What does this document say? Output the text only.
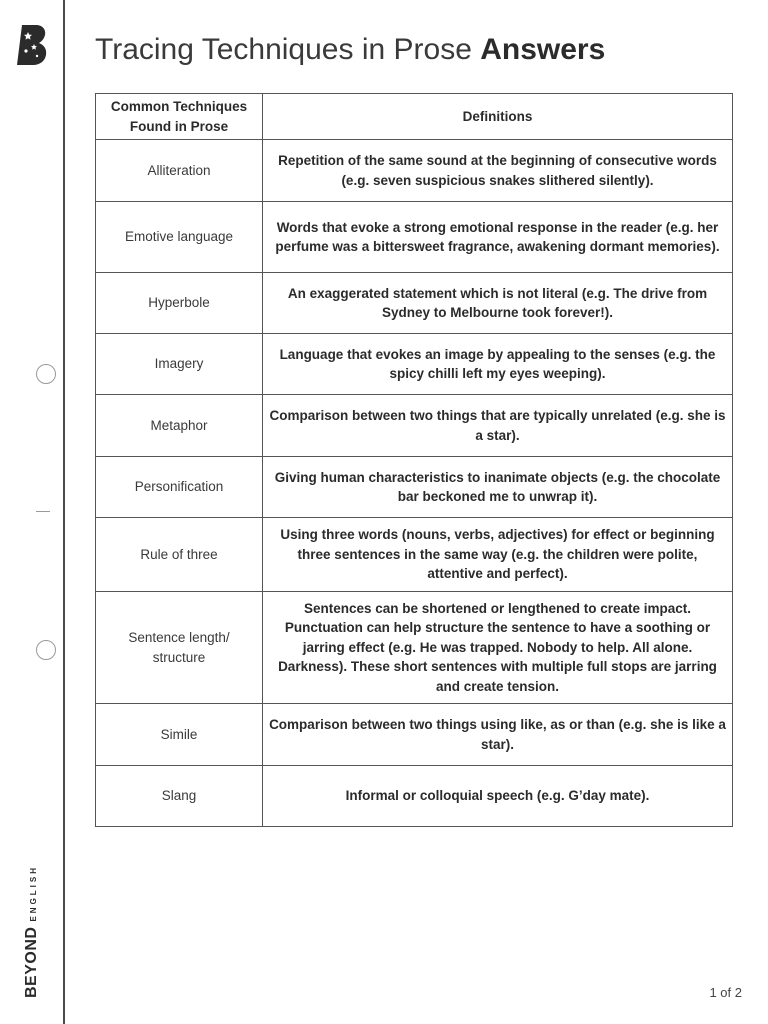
BEYONDENGLISH
Tracing Techniques in Prose Answers
Common Techniques Found in Prose	Definitions
Alliteration	Repetition of the same sound at the beginning of consecutive words (e.g. seven suspicious snakes slithered silently).
Emotive language	Words that evoke a strong emotional response in the reader (e.g. her perfume was a bittersweet fragrance, awakening dormant memories).
Hyperbole	An exaggerated statement which is not literal (e.g. The drive from Sydney to Melbourne took forever!).
Imagery	Language that evokes an image by appealing to the senses (e.g. the spicy chilli left my eyes weeping).
Metaphor	Comparison between two things that are typically unrelated (e.g. she is a star).
Personification	Giving human characteristics to inanimate objects (e.g. the chocolate bar beckoned me to unwrap it).
Rule of three	Using three words (nouns, verbs, adjectives) for effect or beginning three sentences in the same way (e.g. the children were polite, attentive and perfect).
Sentence length/ structure	Sentences can be shortened or lengthened to create impact. Punctuation can help structure the sentence to have a soothing or jarring effect (e.g. He was trapped. Nobody to help. All alone. Darkness). These short sentences with multiple full stops are jarring and create tension.
Simile	Comparison between two things using like, as or than (e.g. she is like a star).
Slang	Informal or colloquial speech (e.g. G’day mate).
1 of 2
